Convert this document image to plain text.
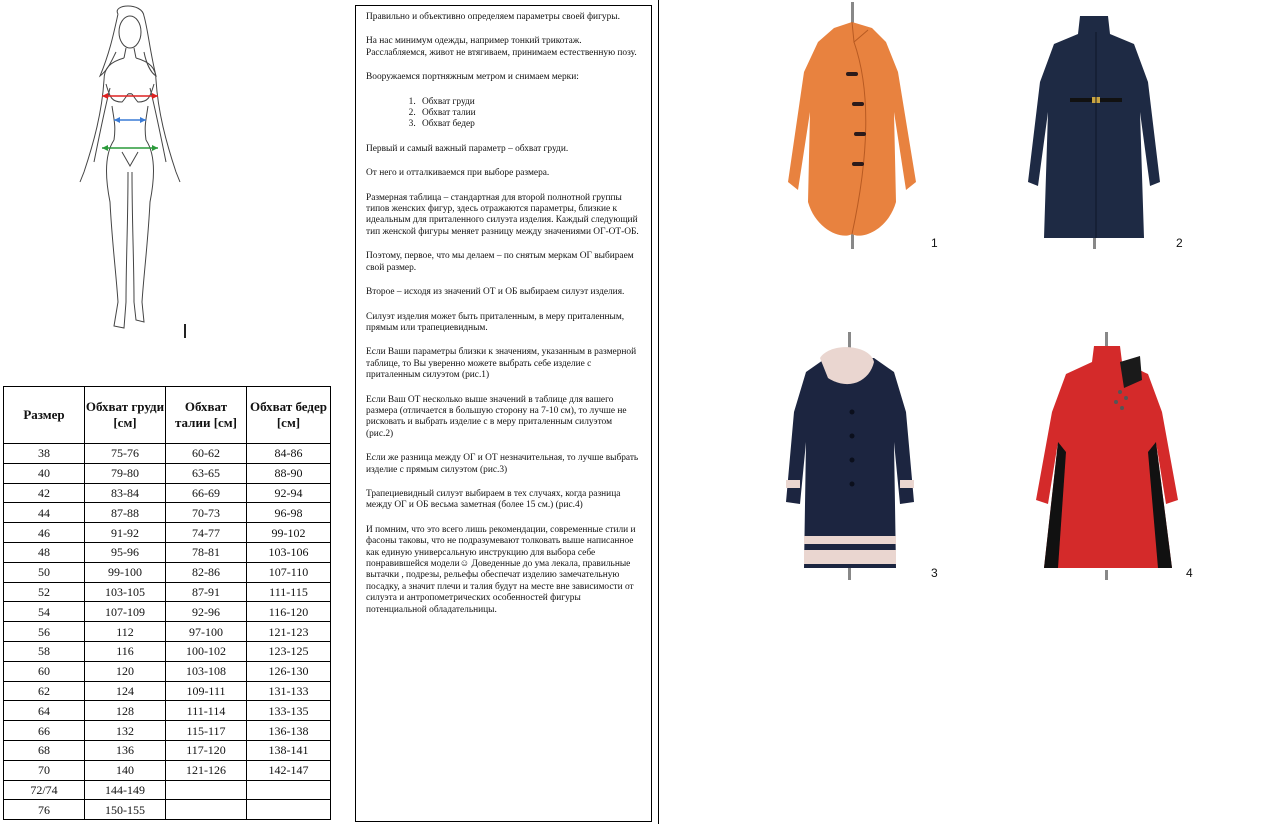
Размер	Обхват груди [см]	Обхват талии [см]	Обхват бедер [см]
38	75-76	60-62	84-86
40	79-80	63-65	88-90
42	83-84	66-69	92-94
44	87-88	70-73	96-98
46	91-92	74-77	99-102
48	95-96	78-81	103-106
50	99-100	82-86	107-110
52	103-105	87-91	111-115
54	107-109	92-96	116-120
56	112	97-100	121-123
58	116	100-102	123-125
60	120	103-108	126-130
62	124	109-111	131-133
64	128	111-114	133-135
66	132	115-117	136-138
68	136	117-120	138-141
70	140	121-126	142-147
72/74	144-149		
76	150-155		

Правильно и объективно определяем параметры своей фигуры.

На нас минимум одежды, например тонкий трикотаж. Расслабляемся, живот не втягиваем, принимаем естественную позу.

Вооружаемся портняжным метром и снимаем мерки:

1. Обхват груди
2. Обхват талии
3. Обхват бедер

Первый и самый важный параметр – обхват груди.

От него и отталкиваемся при выборе размера.

Размерная таблица – стандартная для второй полнотной группы типов женских фигур, здесь отражаются параметры, близкие к идеальным для приталенного силуэта изделия. Каждый следующий тип женской фигуры меняет разницу между значениями ОГ-ОТ-ОБ.

Поэтому, первое, что мы делаем – по снятым меркам ОГ выбираем свой размер.

Второе – исходя из значений ОТ и ОБ выбираем силуэт изделия.

Силуэт изделия может быть приталенным, в меру приталенным, прямым или трапециевидным.

Если Ваши параметры близки к значениям, указанным в размерной таблице, то Вы уверенно можете выбрать себе изделие с приталенным силуэтом (рис.1)

Если Ваш ОТ несколько выше значений в таблице для вашего размера (отличается в большую сторону на 7-10 см), то лучше не рисковать и выбрать изделие с в меру приталенным силуэтом (рис.2)

Если же разница между ОГ и ОТ незначительная, то лучше выбрать изделие с прямым силуэтом (рис.3)

Трапециевидный силуэт выбираем в тех случаях, когда разница между ОГ и ОБ весьма заметная (более 15 см.) (рис.4)

И помним, что это всего лишь рекомендации, современные стили и фасоны таковы, что не подразумевают толковать выше написанное как единую универсальную инструкцию для выбора себе понравившейся модели☺ Доведенные до ума лекала, правильные вытачки , подрезы, рельефы обеспечат изделию замечательную посадку, а значит плечи и талия будут на месте вне зависимости от силуэта и антропометрических особенностей фигуры потенциальной обладательницы.

1	2
3	4
